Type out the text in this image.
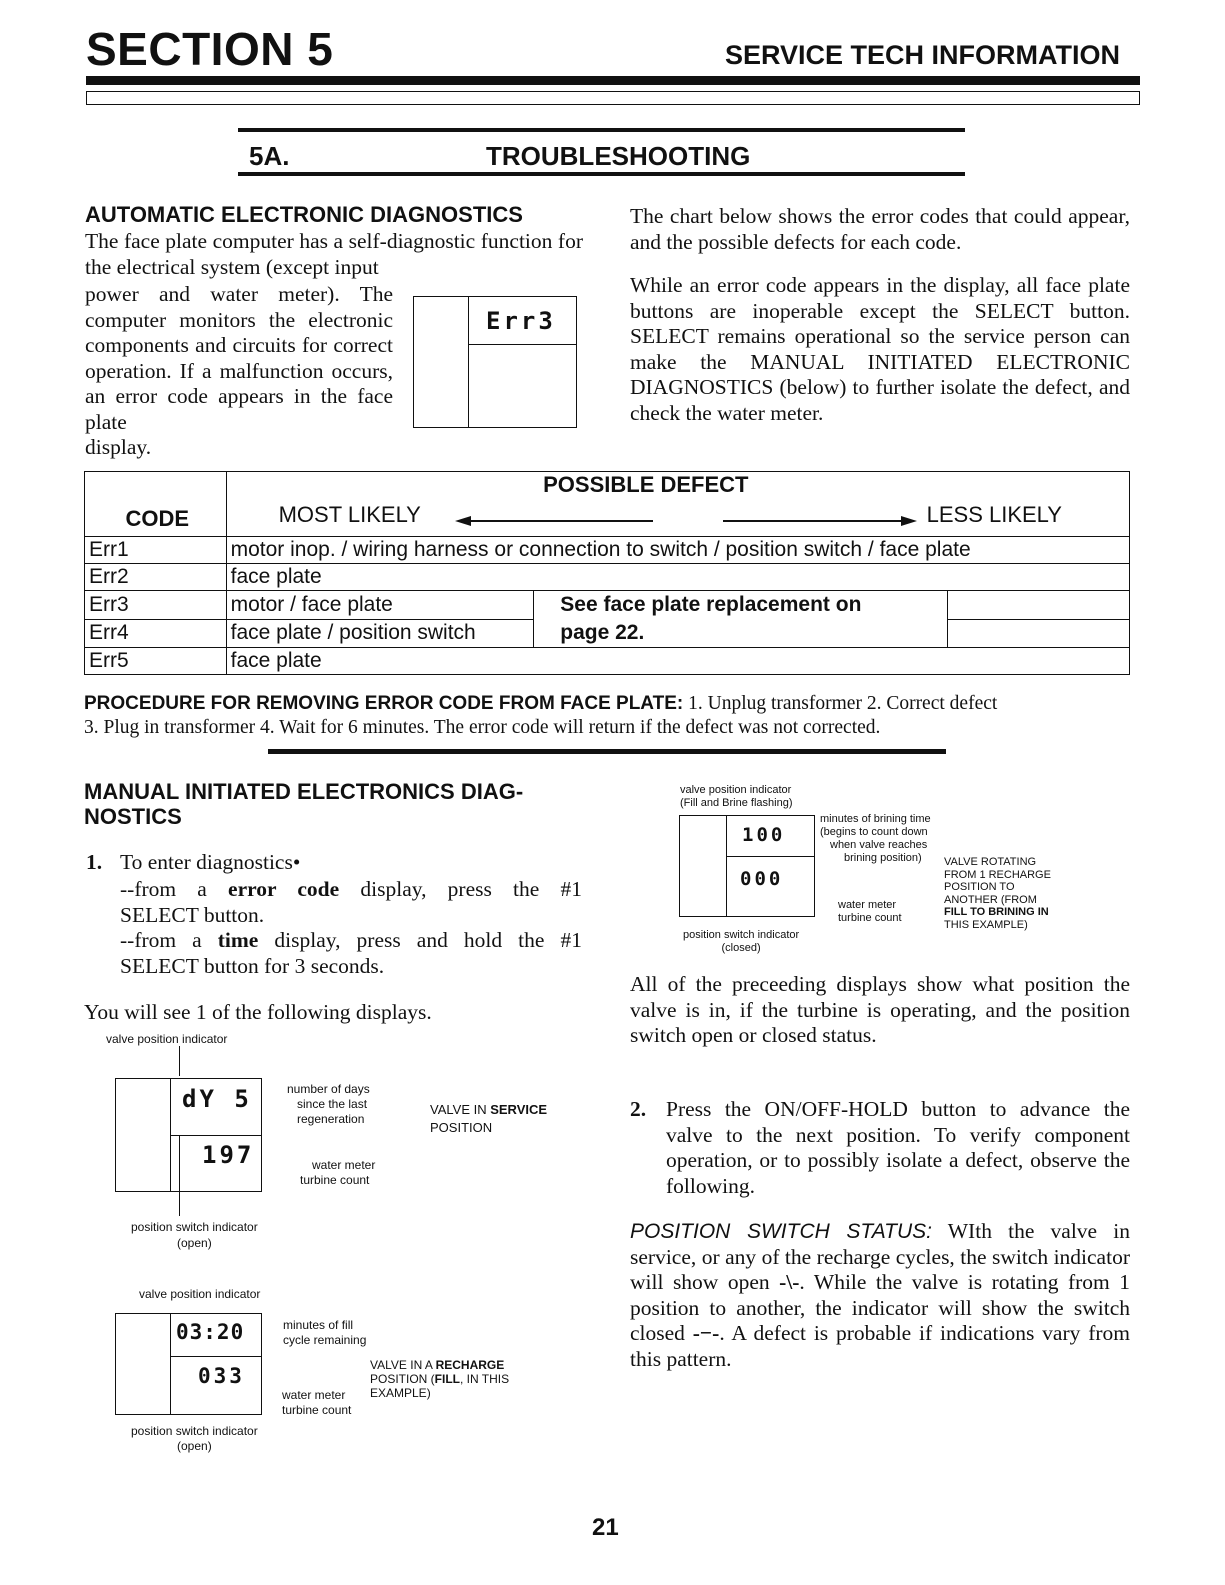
SECTION 5	SERVICE TECH INFORMATION
5A.	TROUBLESHOOTING
AUTOMATIC ELECTRONIC DIAGNOSTICS
The face plate computer has a self-diagnostic function for the electrical system (except input
power and water meter). The computer monitors the electronic components and circuits for correct operation. If a malfunction occurs, an error code appears in the face plate
display.
Err3
The chart below shows the error codes that could appear, and the possible defects for each code.
While an error code appears in the display, all face plate buttons are inoperable except the SELECT button. SELECT remains operational so the service person can make the MANUAL INITIATED ELECTRONIC DIAGNOSTICS (below) to further isolate the defect, and check the water meter.
CODE	POSSIBLE DEFECT		

	MOST LIKELY LESS LIKELY		

Err1	motor inop. / wiring harness or connection to switch / position switch / face plate		
Err2	face plate		
Err3	motor / face plate	See face plate replacement on
page 22.	

Err4	face plate / position switch		
Err5	face plate		
PROCEDURE FOR REMOVING ERROR CODE FROM FACE PLATE: 1. Unplug transformer 2. Correct defect
3. Plug in transformer 4. Wait for 6 minutes. The error code will return if the defect was not corrected.
MANUAL INITIATED ELECTRONICS DIAG-
NOSTICS
1. To enter diagnostics•
--from a error code display, press the #1
SELECT button.
--from a time display, press and hold the #1
SELECT button for 3 seconds.
You will see 1 of the following displays.
valve position indicator
dY 5
197
number of days
since the last
regeneration
water meter
turbine count
position switch indicator
(open)
VALVE IN SERVICE
POSITION
valve position indicator
03:20
033
minutes of fill
cycle remaining
water meter
turbine count
position switch indicator
(open)
VALVE IN A RECHARGE
POSITION (FILL, IN THIS
EXAMPLE)
valve position indicator
(Fill and Brine flashing)
100
000
minutes of brining time
(begins to count down
when valve reaches
brining position)
water meter
turbine count
position switch indicator
(closed)
VALVE ROTATING
FROM 1 RECHARGE
POSITION TO
ANOTHER (FROM
FILL TO BRINING IN
THIS EXAMPLE)
All of the preceeding displays show what position the valve is in, if the turbine is operating, and the position switch open or closed status.
2. Press the ON/OFF-HOLD button to advance the valve to the next position. To verify component operation, or to possibly isolate a defect, observe the following.
POSITION SWITCH STATUS: WIth the valve in service, or any of the recharge cycles, the switch indicator will show open -\-. While the valve is rotating from 1 position to another, the indicator will show the switch closed -−-. A defect is probable if indications vary from this pattern.
21
